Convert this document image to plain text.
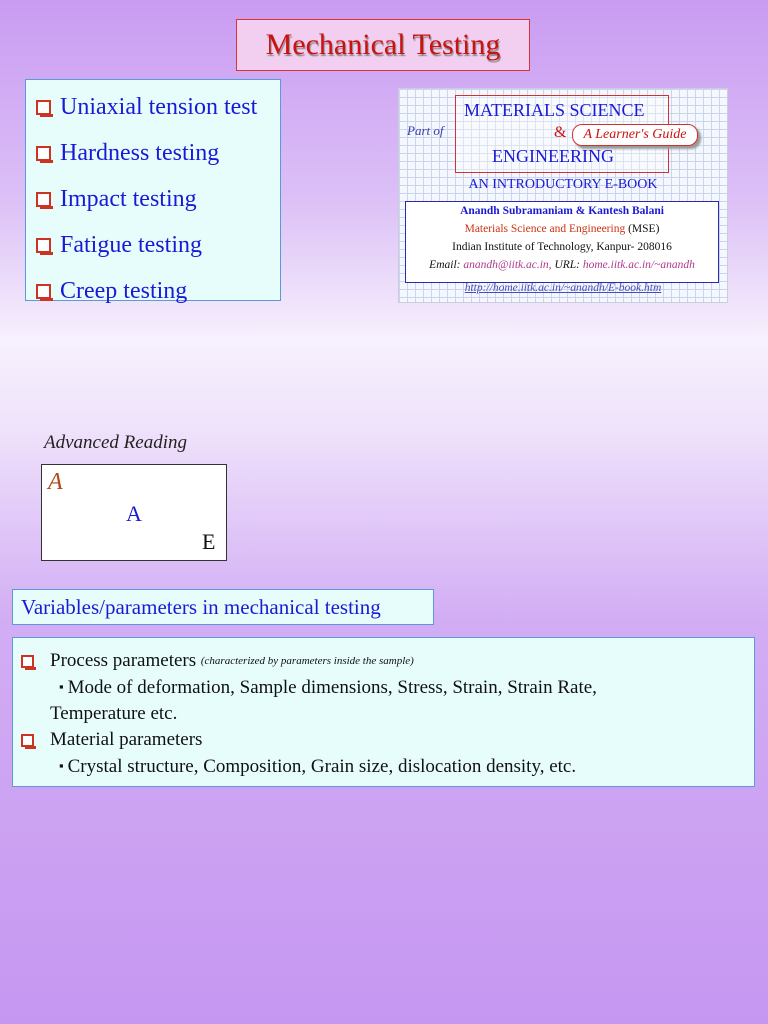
Mechanical Testing
Uniaxial tension test
Hardness testing
Impact testing
Fatigue testing
Creep testing
Part of
MATERIALS SCIENCE
&	A Learner's Guide
ENGINEERING
AN INTRODUCTORY E-BOOK
Anandh Subramaniam & Kantesh Balani
Materials Science and Engineering (MSE)
Indian Institute of Technology, Kanpur- 208016
Email: anandh@iitk.ac.in, URL: home.iitk.ac.in/~anandh
http://home.iitk.ac.in/~anandh/E-book.htm
Advanced Reading
A
A
E
Variables/parameters in mechanical testing
Process parameters
(characterized by parameters inside the sample)
▪ Mode of deformation, Sample dimensions, Stress, Strain, Strain Rate,
Temperature etc.
Material parameters
▪ Crystal structure, Composition, Grain size, dislocation density, etc.
